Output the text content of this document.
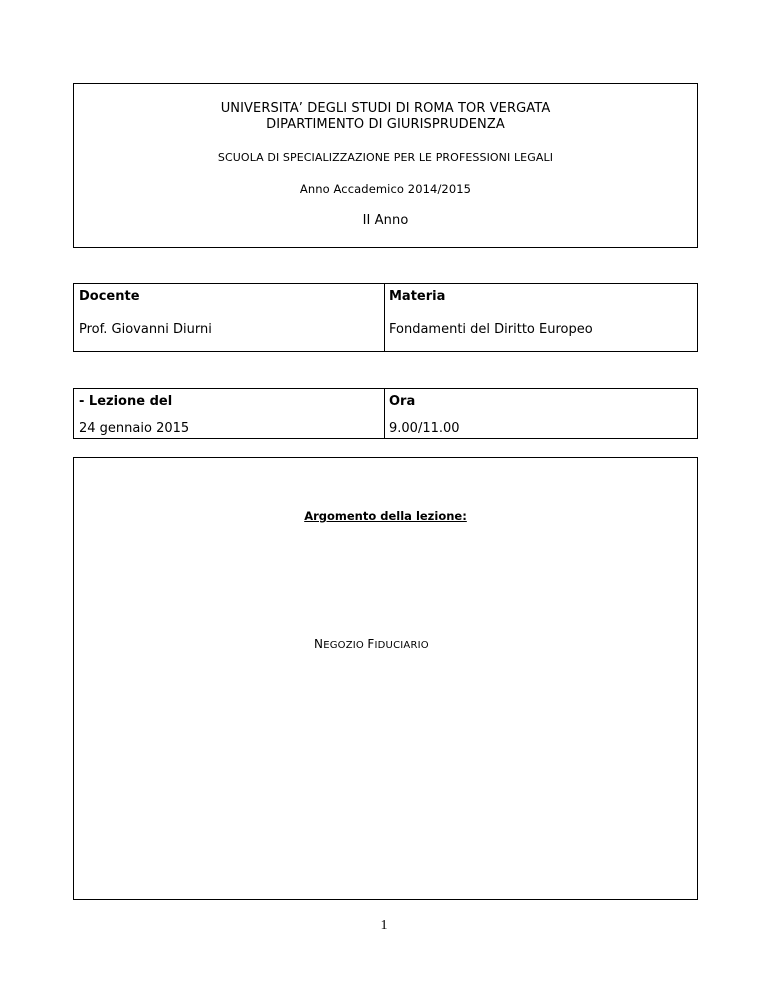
UNIVERSITA’ DEGLI STUDI DI ROMA TOR VERGATA
DIPARTIMENTO DI GIURISPRUDENZA
SCUOLA DI SPECIALIZZAZIONE PER LE PROFESSIONI LEGALI
Anno Accademico 2014/2015
II Anno
Docente
Prof. Giovanni Diurni
Materia
Fondamenti del Diritto Europeo
- Lezione del
24 gennaio 2015
Ora
9.00/11.00
Argomento della lezione:
NEGOZIO FIDUCIARIO
1
